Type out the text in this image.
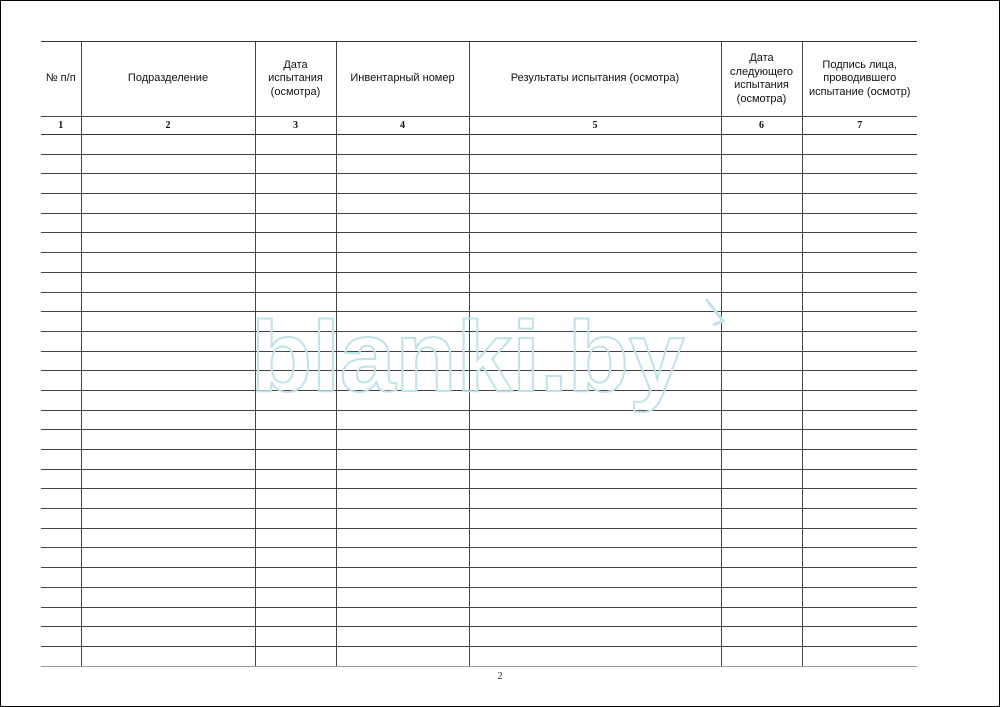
№ п/п	Подразделение	Дата испытания (осмотра)	Инвентарный номер	Результаты испытания (осмотра)	Дата следующего испытания (осмотра)	Подпись лица, проводившего испытание (осмотр)
1	2	3	4	5	6	7

blanki.by
2
